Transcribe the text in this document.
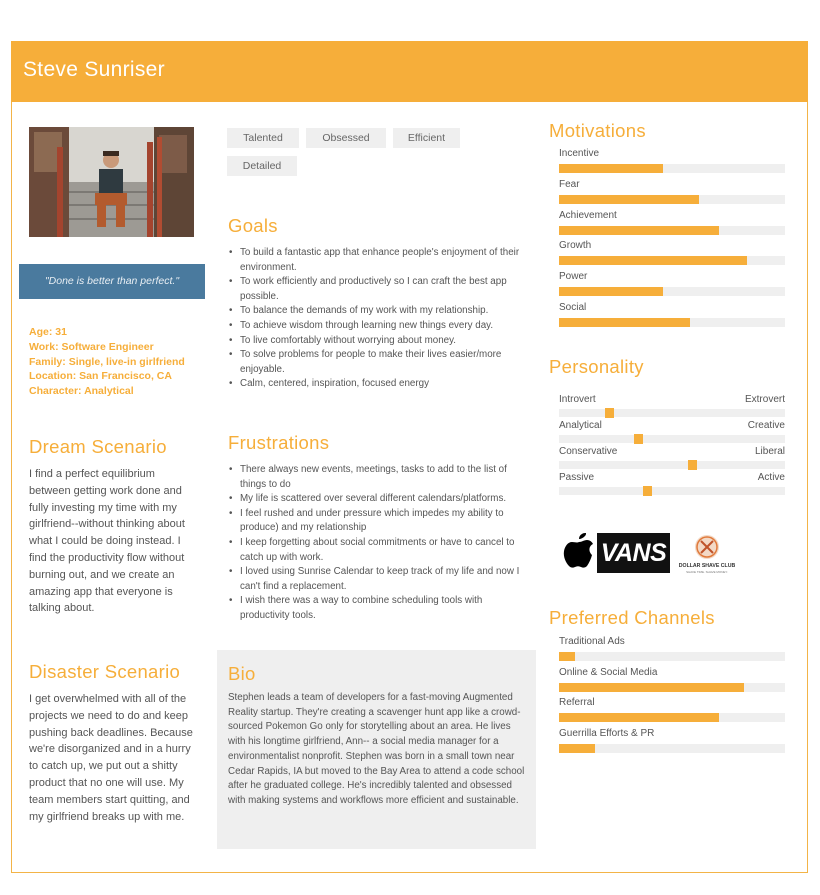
Steve Sunriser
"Done is better than perfect."
Age: 31
Work: Software Engineer
Family: Single, live-in girlfriend
Location: San Francisco, CA
Character: Analytical
Dream Scenario

I find a perfect equilibrium between getting work done and fully investing my time with my girlfriend--without thinking about what I could be doing instead. I find the productivity flow without burning out, and we create an amazing app that everyone is talking about.

Disaster Scenario

I get overwhelmed with all of the projects we need to do and keep pushing back deadlines. Because we're disorganized and in a hurry to catch up, we put out a shitty product that no one will use. My team members start quitting, and my girlfriend breaks up with me.

Talented	Obsessed	Efficient
Detailed
Goals
• To build a fantastic app that enhance people's enjoyment of their environment.
• To work efficiently and productively so I can craft the best app possible.
• To balance the demands of my work with my relationship.
• To achieve wisdom through learning new things every day.
• To live comfortably without worrying about money.
• To solve problems for people to make their lives easier/more enjoyable.
• Calm, centered, inspiration, focused energy
Frustrations
• There always new events, meetings, tasks to add to the list of things to do
• My life is scattered over several different calendars/platforms.
• I feel rushed and under pressure which impedes my ability to produce) and my relationship
• I keep forgetting about social commitments or have to cancel to catch up with work.
• I loved using Sunrise Calendar to keep track of my life and now I can't find a replacement.
• I wish there was a way to combine scheduling tools with productivity tools.
Bio

Stephen leads a team of developers for a fast-moving Augmented Reality startup. They're creating a scavenger hunt app like a crowd-sourced Pokemon Go only for storytelling about an area. He lives with his longtime girlfriend, Ann-- a social media manager for a environmentalist nonprofit. Stephen was born in a small town near Cedar Rapids, IA but moved to the Bay Area to attend a code school after he graduated college. He's incredibly talented and obsessed with making systems and workflows more efficient and sustainable.

Motivations
Incentive
Fear
Achievement
Growth
Power
Social
Personality
Introvert	Extrovert
Analytical	Creative
Conservative	Liberal
Passive	Active
VANS	DOLLAR SHAVE CLUB
SHAVE TIME. SHAVE MONEY.
Preferred Channels
Traditional Ads
Online & Social Media
Referral
Guerrilla Efforts & PR
